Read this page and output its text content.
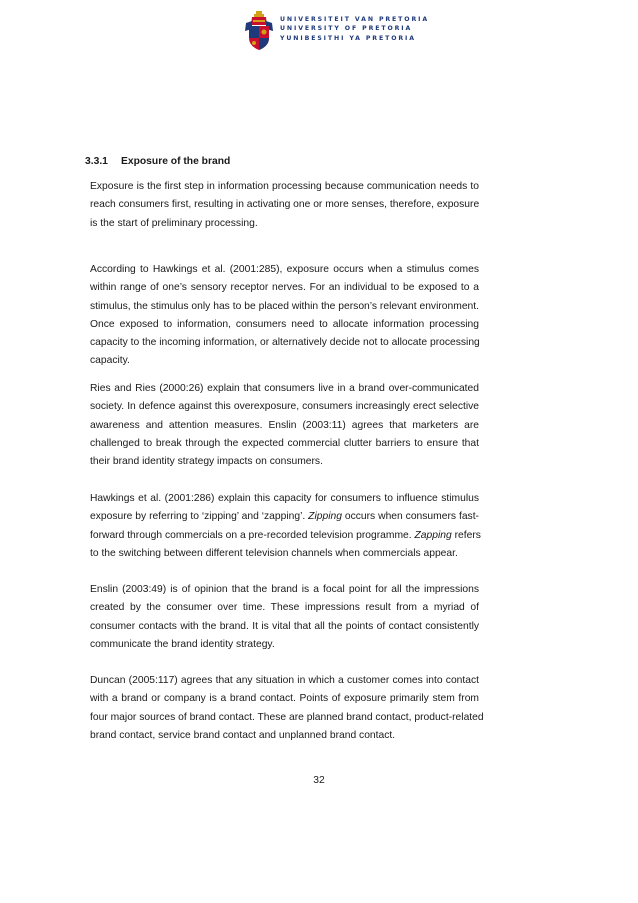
UNIVERSITEIT VAN PRETORIA
UNIVERSITY OF PRETORIA
YUNIBESITHI YA PRETORIA
3.3.1 Exposure of the brand
Exposure is the first step in information processing because communication needs to
reach consumers first, resulting in activating one or more senses, therefore, exposure
is the start of preliminary processing.
According to Hawkings et al. (2001:285), exposure occurs when a stimulus comes
within range of one’s sensory receptor nerves. For an individual to be exposed to a
stimulus, the stimulus only has to be placed within the person’s relevant environment.
Once exposed to information, consumers need to allocate information processing
capacity to the incoming information, or alternatively decide not to allocate processing
capacity.
Ries and Ries (2000:26) explain that consumers live in a brand over-communicated
society. In defence against this overexposure, consumers increasingly erect selective
awareness and attention measures. Enslin (2003:11) agrees that marketers are
challenged to break through the expected commercial clutter barriers to ensure that
their brand identity strategy impacts on consumers.
Hawkings et al. (2001:286) explain this capacity for consumers to influence stimulus
exposure by referring to ‘zipping’ and ‘zapping’. Zipping occurs when consumers fast-
forward through commercials on a pre-recorded television programme. Zapping refers
to the switching between different television channels when commercials appear.
Enslin (2003:49) is of opinion that the brand is a focal point for all the impressions
created by the consumer over time. These impressions result from a myriad of
consumer contacts with the brand. It is vital that all the points of contact consistently
communicate the brand identity strategy.
Duncan (2005:117) agrees that any situation in which a customer comes into contact
with a brand or company is a brand contact. Points of exposure primarily stem from
four major sources of brand contact. These are planned brand contact, product-related
brand contact, service brand contact and unplanned brand contact.
32
